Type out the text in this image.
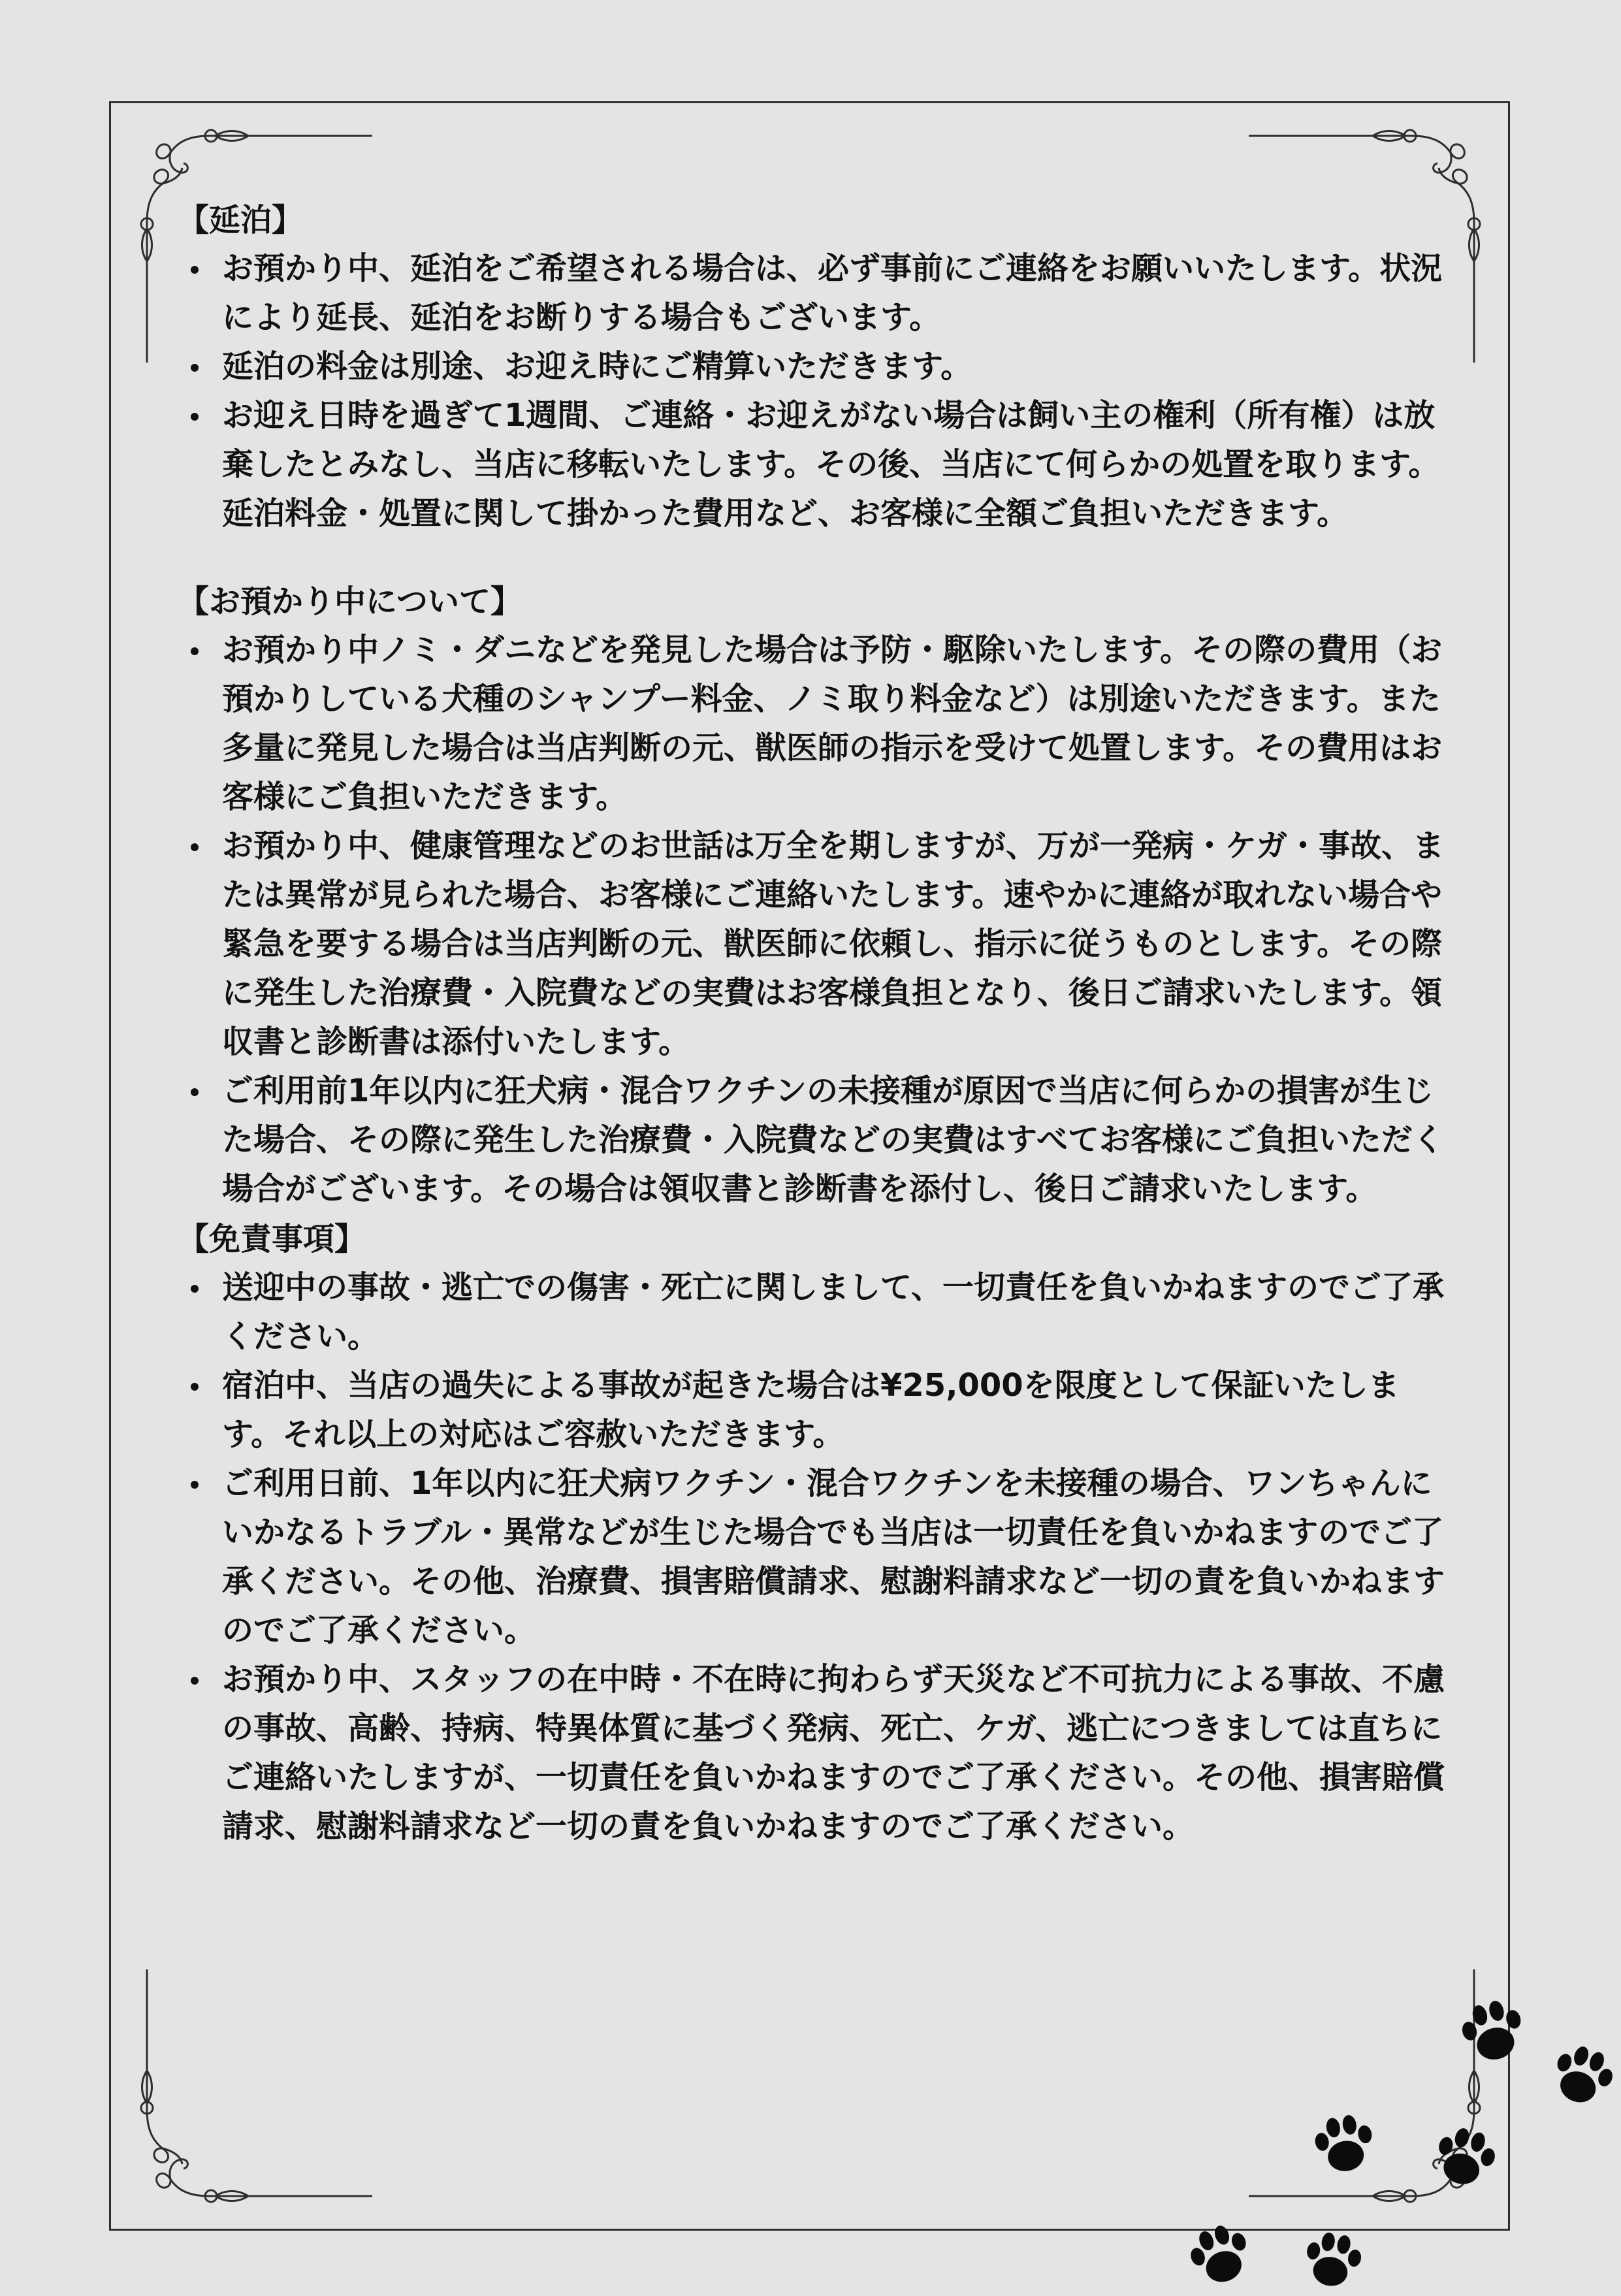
【延泊】

お預かり中、延泊をご希望される場合は、必ず事前にご連絡をお願いいたします。状況により延長、延泊をお断りする場合もございます。
延泊の料金は別途、お迎え時にご精算いただきます。
お迎え日時を過ぎて1週間、ご連絡・お迎えがない場合は飼い主の権利（所有権）は放棄したとみなし、当店に移転いたします。その後、当店にて何らかの処置を取ります。延泊料金・処置に関して掛かった費用など、お客様に全額ご負担いただきます。

【お預かり中について】

お預かり中ノミ・ダニなどを発見した場合は予防・駆除いたします。その際の費用（お預かりしている犬種のシャンプー料金、ノミ取り料金など）は別途いただきます。また多量に発見した場合は当店判断の元、獣医師の指示を受けて処置します。その費用はお客様にご負担いただきます。
お預かり中、健康管理などのお世話は万全を期しますが、万が一発病・ケガ・事故、または異常が見られた場合、お客様にご連絡いたします。速やかに連絡が取れない場合や緊急を要する場合は当店判断の元、獣医師に依頼し、指示に従うものとします。その際に発生した治療費・入院費などの実費はお客様負担となり、後日ご請求いたします。領収書と診断書は添付いたします。
ご利用前1年以内に狂犬病・混合ワクチンの未接種が原因で当店に何らかの損害が生じた場合、その際に発生した治療費・入院費などの実費はすべてお客様にご負担いただく場合がございます。その場合は領収書と診断書を添付し、後日ご請求いたします。

【免責事項】

送迎中の事故・逃亡での傷害・死亡に関しまして、一切責任を負いかねますのでご了承ください。
宿泊中、当店の過失による事故が起きた場合は¥25,000を限度として保証いたします。それ以上の対応はご容赦いただきます。
ご利用日前、1年以内に狂犬病ワクチン・混合ワクチンを未接種の場合、ワンちゃんにいかなるトラブル・異常などが生じた場合でも当店は一切責任を負いかねますのでご了承ください。その他、治療費、損害賠償請求、慰謝料請求など一切の責を負いかねますのでご了承ください。
お預かり中、スタッフの在中時・不在時に拘わらず天災など不可抗力による事故、不慮の事故、高齢、持病、特異体質に基づく発病、死亡、ケガ、逃亡につきましては直ちにご連絡いたしますが、一切責任を負いかねますのでご了承ください。その他、損害賠償請求、慰謝料請求など一切の責を負いかねますのでご了承ください。
